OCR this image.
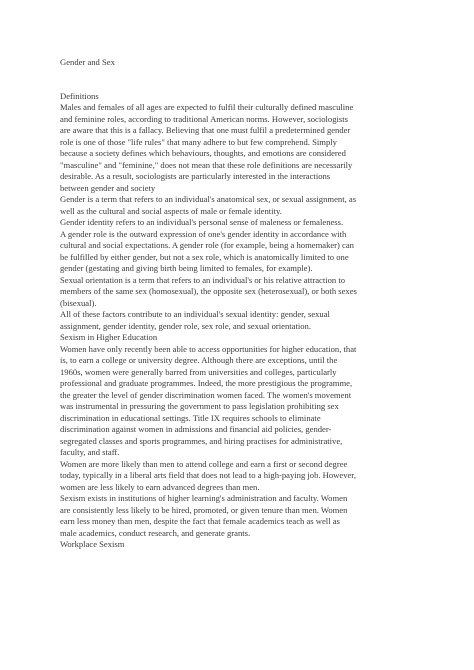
Gender and Sex
Definitions
Males and females of all ages are expected to fulfil their culturally defined masculine
and feminine roles, according to traditional American norms. However, sociologists
are aware that this is a fallacy. Believing that one must fulfil a predetermined gender
role is one of those "life rules" that many adhere to but few comprehend. Simply
because a society defines which behaviours, thoughts, and emotions are considered
"masculine" and "feminine," does not mean that these role definitions are necessarily
desirable. As a result, sociologists are particularly interested in the interactions
between gender and society
Gender is a term that refers to an individual's anatomical sex, or sexual assignment, as
well as the cultural and social aspects of male or female identity.
Gender identity refers to an individual's personal sense of maleness or femaleness.
A gender role is the outward expression of one's gender identity in accordance with
cultural and social expectations. A gender role (for example, being a homemaker) can
be fulfilled by either gender, but not a sex role, which is anatomically limited to one
gender (gestating and giving birth being limited to females, for example).
Sexual orientation is a term that refers to an individual's or his relative attraction to
members of the same sex (homosexual), the opposite sex (heterosexual), or both sexes
(bisexual).
All of these factors contribute to an individual's sexual identity: gender, sexual
assignment, gender identity, gender role, sex role, and sexual orientation.
Sexism in Higher Education
Women have only recently been able to access opportunities for higher education, that
is, to earn a college or university degree. Although there are exceptions, until the
1960s, women were generally barred from universities and colleges, particularly
professional and graduate programmes. Indeed, the more prestigious the programme,
the greater the level of gender discrimination women faced. The women's movement
was instrumental in pressuring the government to pass legislation prohibiting sex
discrimination in educational settings. Title IX requires schools to eliminate
discrimination against women in admissions and financial aid policies, gender-
segregated classes and sports programmes, and hiring practises for administrative,
faculty, and staff.
Women are more likely than men to attend college and earn a first or second degree
today, typically in a liberal arts field that does not lead to a high-paying job. However,
women are less likely to earn advanced degrees than men.
Sexism exists in institutions of higher learning's administration and faculty. Women
are consistently less likely to be hired, promoted, or given tenure than men. Women
earn less money than men, despite the fact that female academics teach as well as
male academics, conduct research, and generate grants.
Workplace Sexism
